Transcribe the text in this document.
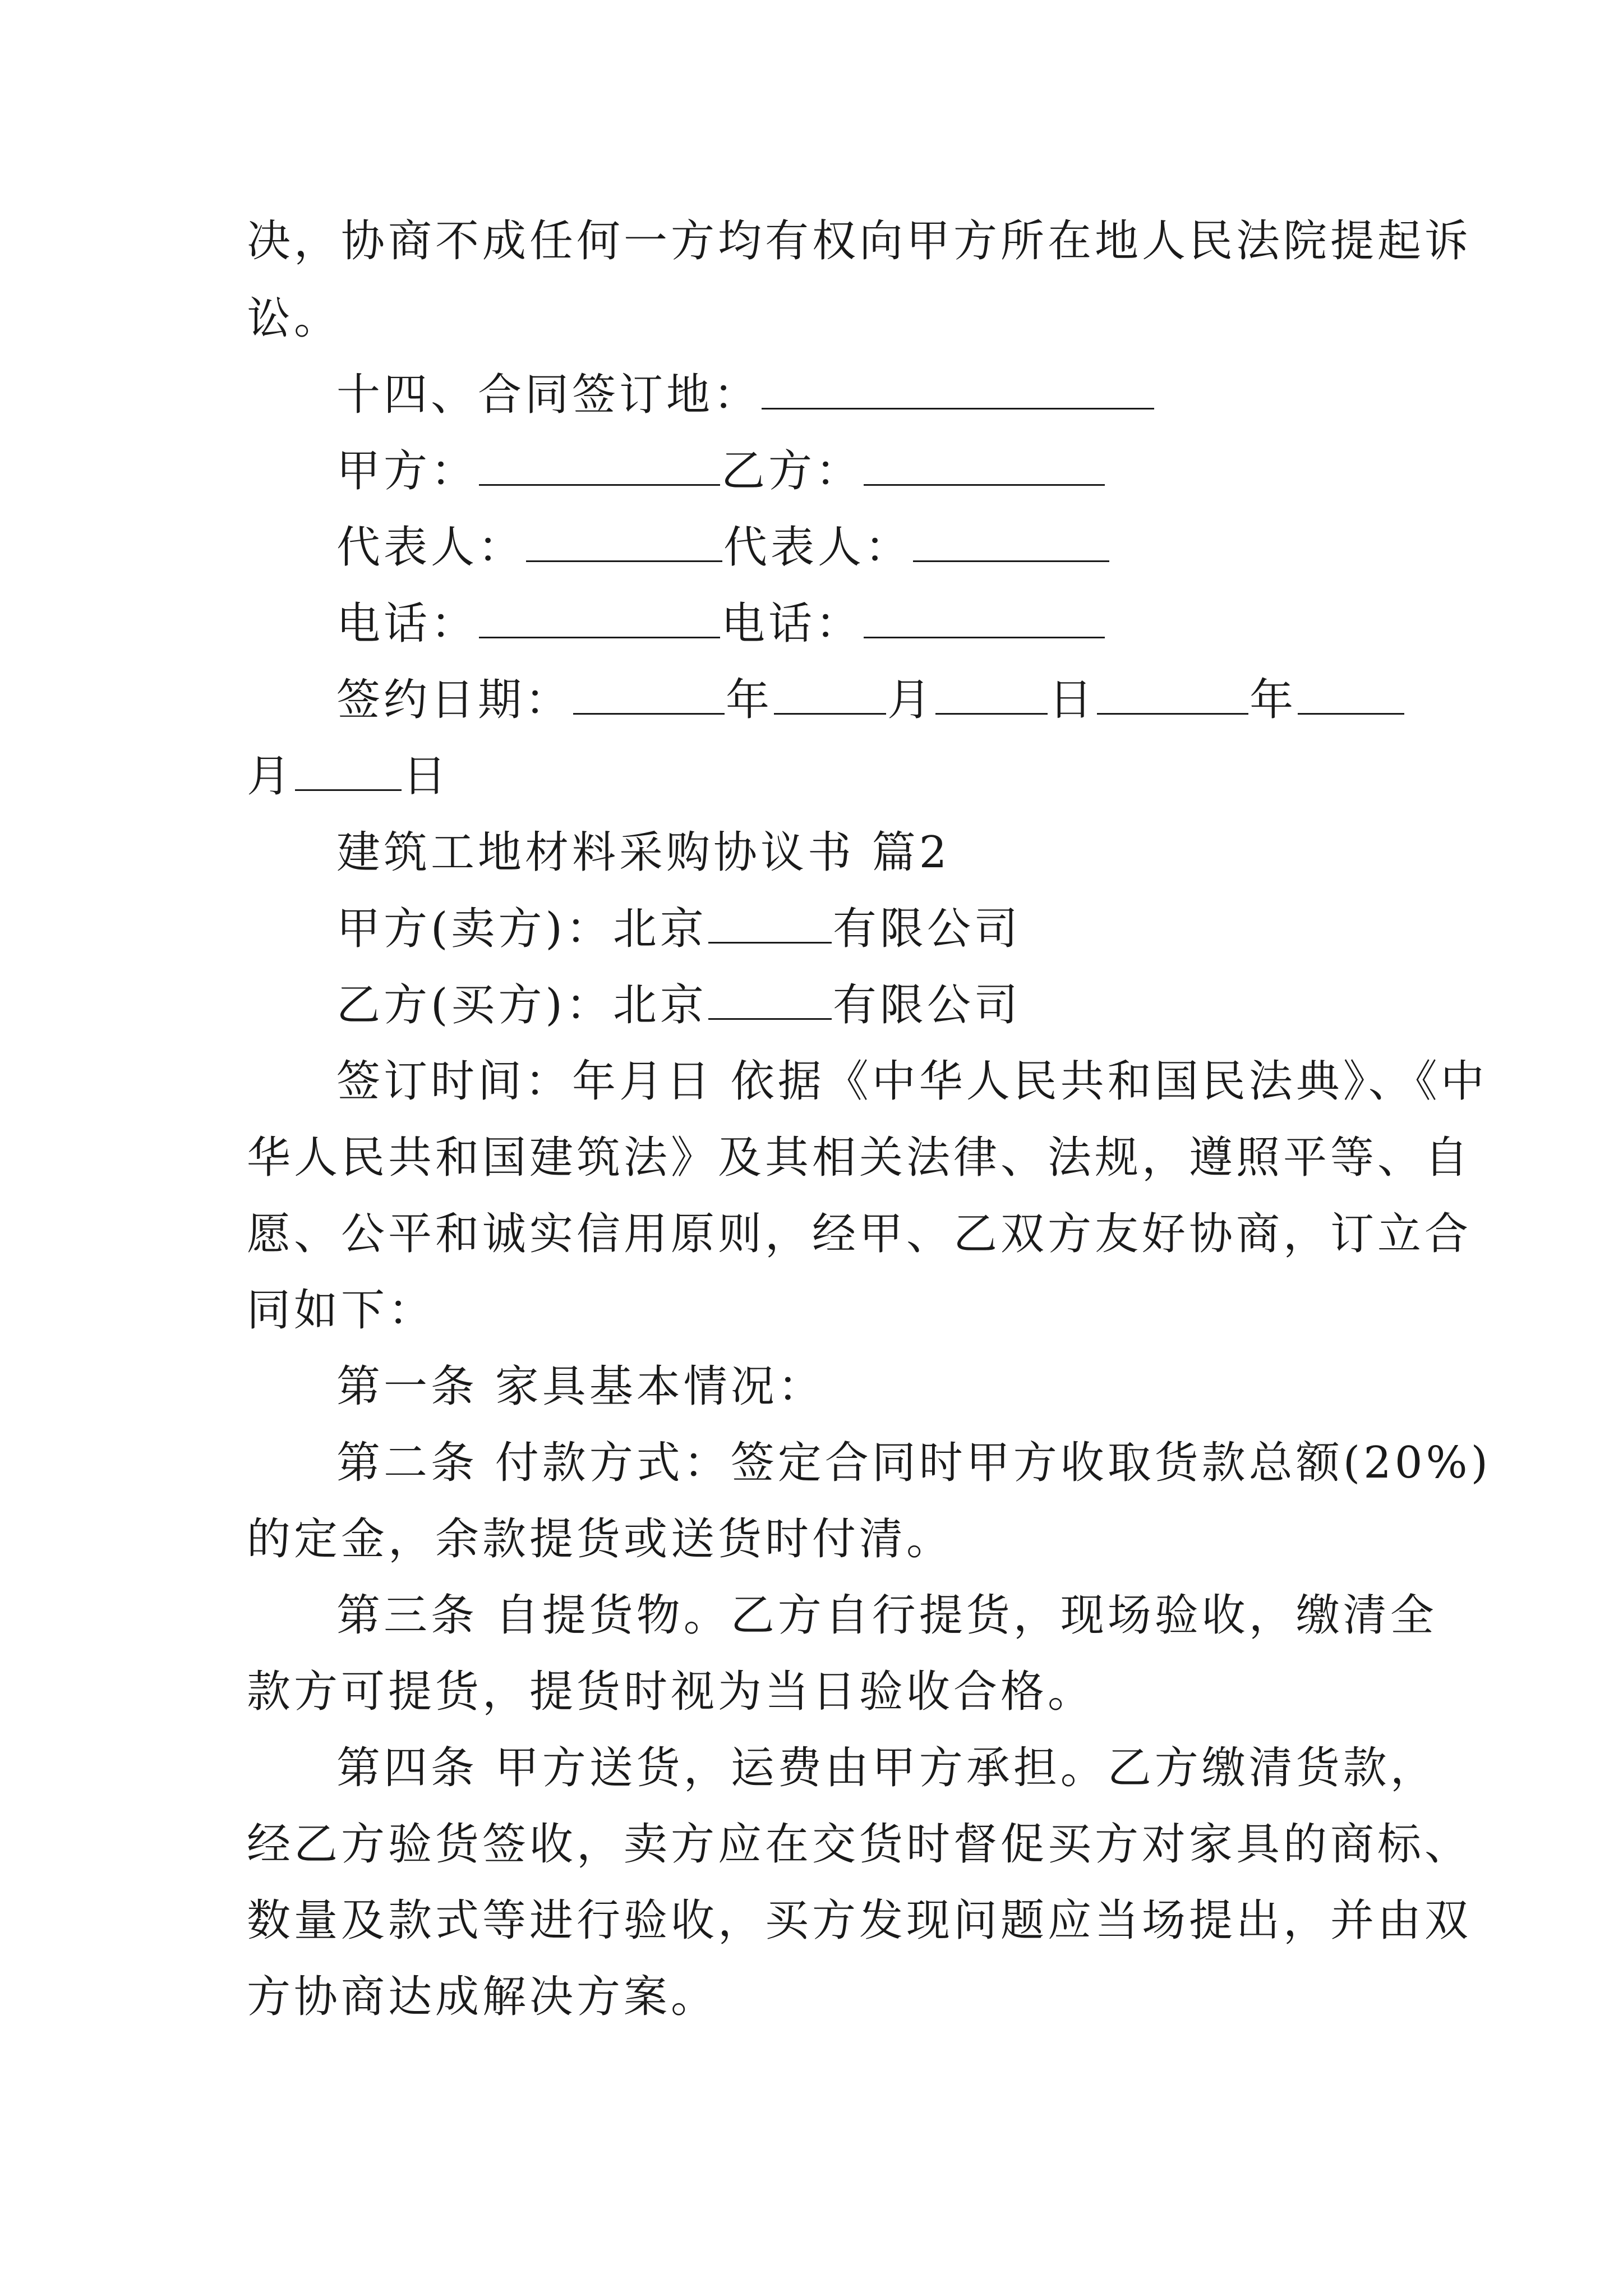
决，协商不成任何一方均有权向甲方所在地人民法院提起诉
讼。
十四、合同签订地：
甲方：	乙方：
代表人：	代表人：
电话：	电话：
签约日期：	年	月	日	年
月 日
建筑工地材料采购协议书 篇2
甲方(卖方)：北京	有限公司
乙方(买方)：北京	有限公司
签订时间：年月日 依据《中华人民共和国民法典》、《中
华人民共和国建筑法》及其相关法律、法规，遵照平等、自
愿、公平和诚实信用原则，经甲、乙双方友好协商，订立合
同如下：
第一条 家具基本情况：
第二条 付款方式：签定合同时甲方收取货款总额(20%)
的定金，余款提货或送货时付清。
第三条 自提货物。乙方自行提货，现场验收，缴清全
款方可提货，提货时视为当日验收合格。
第四条 甲方送货，运费由甲方承担。乙方缴清货款，
经乙方验货签收，卖方应在交货时督促买方对家具的商标、
数量及款式等进行验收，买方发现问题应当场提出，并由双
方协商达成解决方案。
